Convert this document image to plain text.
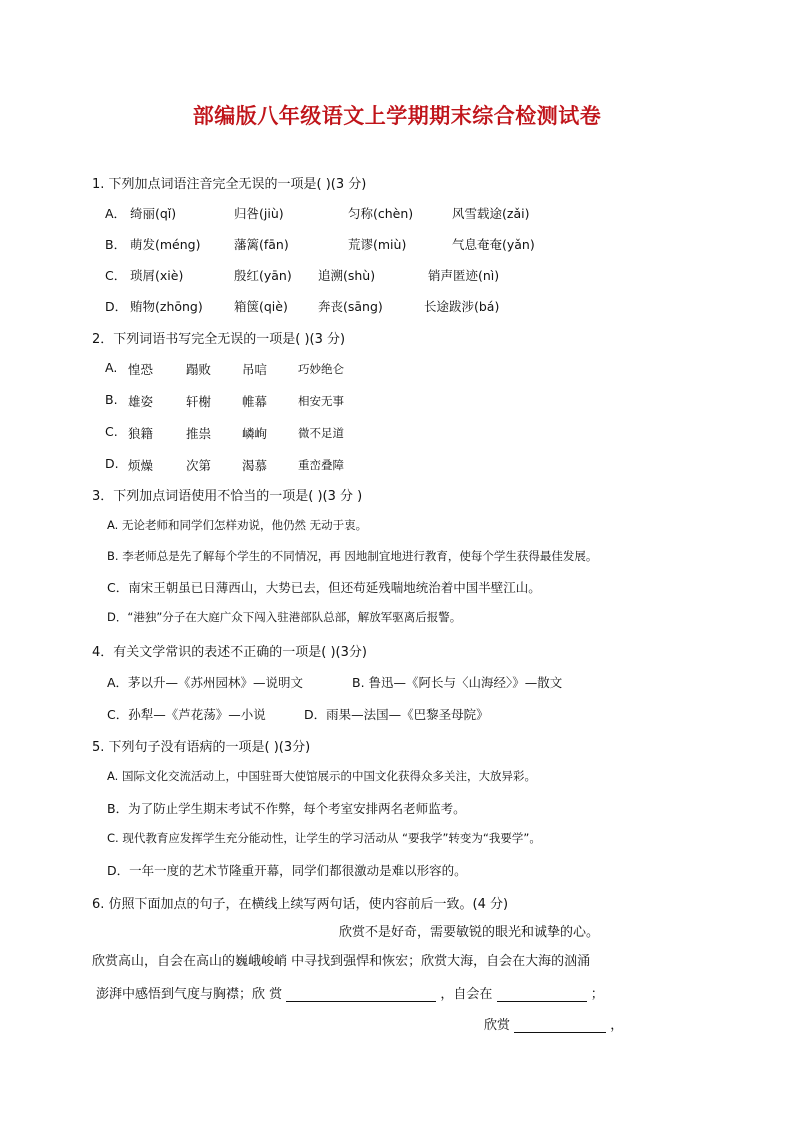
部编版八年级语文上学期期末综合检测试卷
1. 下列加点词语注音完全无误的一项是( )(3 分)
A． 绮丽(qǐ)	归咎(jiù)	匀称(chèn)	风雪载途(zǎi)
B． 萌发(méng)	藩篱(fān)	荒谬(miù)	气息奄奄(yǎn)
C． 琐屑(xiè)	殷红(yān) 追溯(shù)	销声匿迹(nì)
D． 贿物(zhōng)	箱箧(qiè) 奔丧(sāng)	长途跋涉(bá)
2．下列词语书写完全无误的一项是( )(3 分)
A. 惶恐	蹋败 吊唁	巧妙绝仑
B. 雄姿	轩榭 帷幕	相安无事
C. 狼籍	推祟 嶙峋	微不足道
D. 烦燥	次第 渴慕	重峦叠障
3．下列加点词语使用不恰当的一项是( )(3 分 )
A. 无论老师和同学们怎样劝说，他仍然 无动于衷。
B. 李老师总是先了解每个学生的不同情况，再 因地制宜地进行教育，使每个学生获得最佳发展。
C．南宋王朝虽已日薄西山，大势已去，但还苟延残喘地统治着中国半壁江山。
D．“港独”分子在大庭广众下闯入驻港部队总部，解放军驱离后报警。
4．有关文学常识的表述不正确的一项是( )(3分)
A．茅以升—《苏州园林》—说明文	B. 鲁迅—《阿长与〈山海经〉》—散文
C．孙犁—《芦花荡》—小说	D．雨果—法国—《巴黎圣母院》
5. 下列句子没有语病的一项是( )(3分)
A. 国际文化交流活动上，中国驻哥大使馆展示的中国文化获得众多关注，大放异彩。
B．为了防止学生期末考试不作弊，每个考室安排两名老师监考。
C. 现代教育应发挥学生充分能动性，让学生的学习活动从 “要我学”转变为“我要学”。
D．一年一度的艺术节隆重开幕，同学们都很激动是难以形容的。
6. 仿照下面加点的句子，在横线上续写两句话，使内容前后一致。(4 分)
欣赏不是好奇，需要敏锐的眼光和诚挚的心。
欣赏高山，自会在高山的巍峨峻峭 中寻找到强悍和恢宏；欣赏大海，自会在大海的汹涌
澎湃中感悟到气度与胸襟；欣 赏	，自会在	；
欣赏	，
